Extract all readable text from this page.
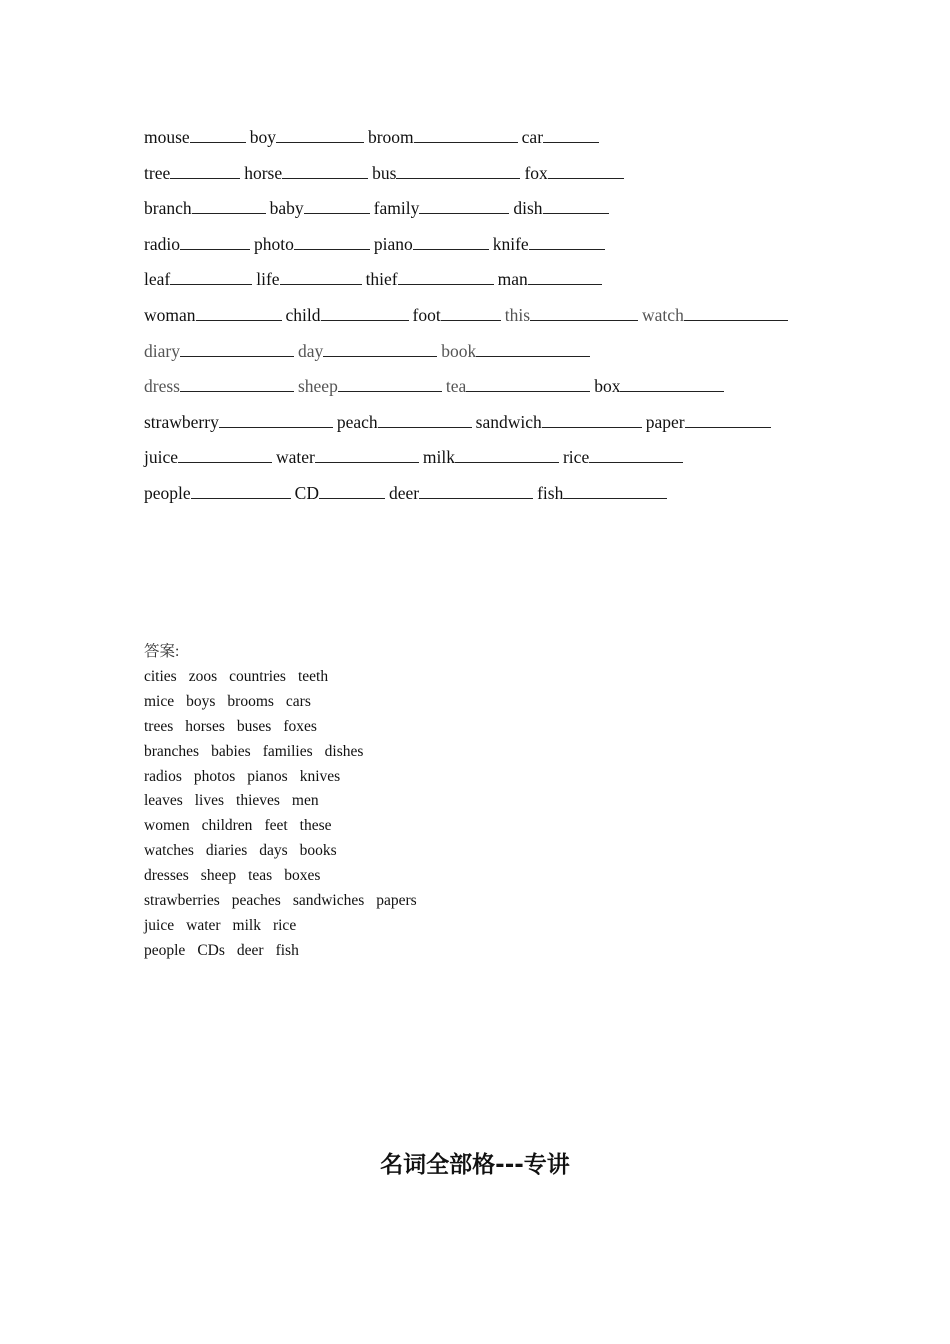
mouse	boy	broom	car
tree	horse	bus	fox
branch	baby	family	dish
radio	photo	piano	knife
leaf	life	thief	man
woman	child	foot	this	watch
diary	day	book
dress	sheep	tea	box
strawberry	peach	sandwich	paper
juice	water	milk	rice
people	CD	deer	fish
答案:
cities zoos countries teeth
mice boys brooms cars
trees horses buses foxes
branches babies families dishes
radios photos pianos knives
leaves lives thieves men
women children feet these
watches diaries days books
dresses sheep teas boxes
strawberries peaches sandwiches papers
juice water milk rice
people CDs deer fish
名词全部格---专讲
